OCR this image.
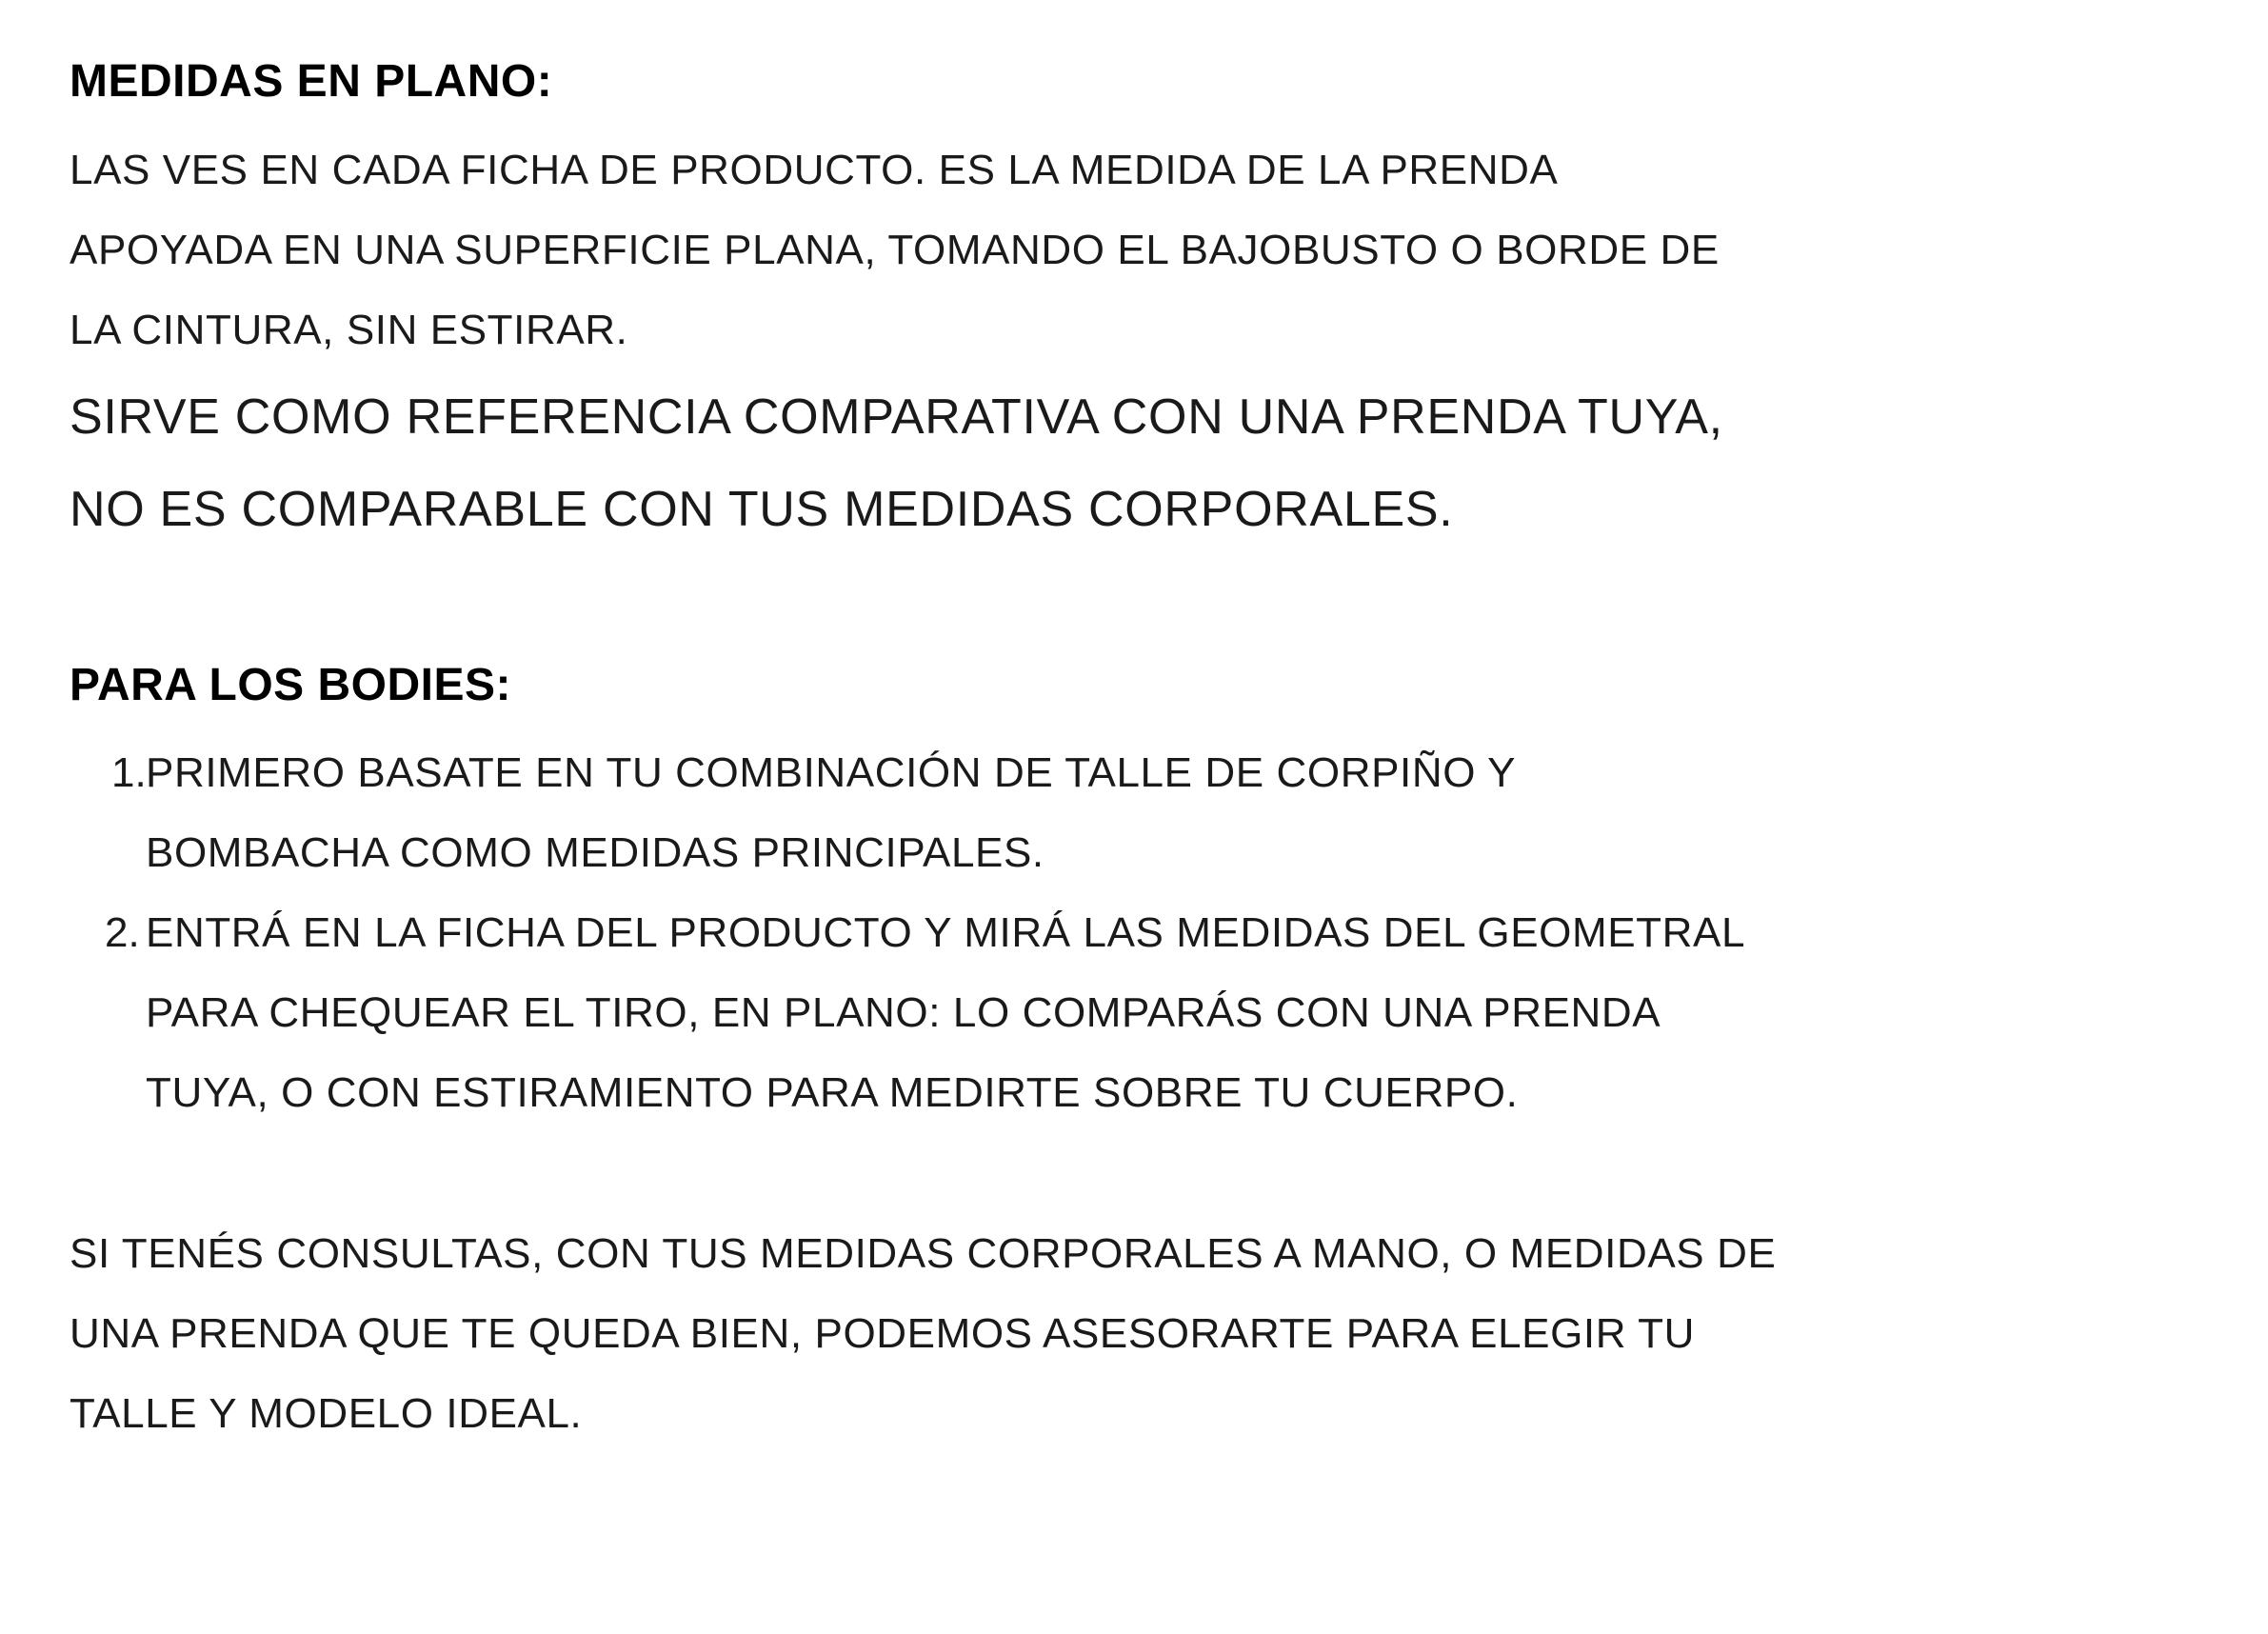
MEDIDAS EN PLANO:

LAS VES EN CADA FICHA DE PRODUCTO. ES LA MEDIDA DE LA PRENDA

APOYADA EN UNA SUPERFICIE PLANA, TOMANDO EL BAJOBUSTO O BORDE DE

LA CINTURA, SIN ESTIRAR.

SIRVE COMO REFERENCIA COMPARATIVA CON UNA PRENDA TUYA,

NO ES COMPARABLE CON TUS MEDIDAS CORPORALES.

PARA LOS BODIES:
1. PRIMERO BASATE EN TU COMBINACIÓN DE TALLE DE CORPIÑO Y

BOMBACHA COMO MEDIDAS PRINCIPALES.

2. ENTRÁ EN LA FICHA DEL PRODUCTO Y MIRÁ LAS MEDIDAS DEL GEOMETRAL

PARA CHEQUEAR EL TIRO, EN PLANO: LO COMPARÁS CON UNA PRENDA

TUYA, O CON ESTIRAMIENTO PARA MEDIRTE SOBRE TU CUERPO.

SI TENÉS CONSULTAS, CON TUS MEDIDAS CORPORALES A MANO, O MEDIDAS DE

UNA PRENDA QUE TE QUEDA BIEN, PODEMOS ASESORARTE PARA ELEGIR TU

TALLE Y MODELO IDEAL.
